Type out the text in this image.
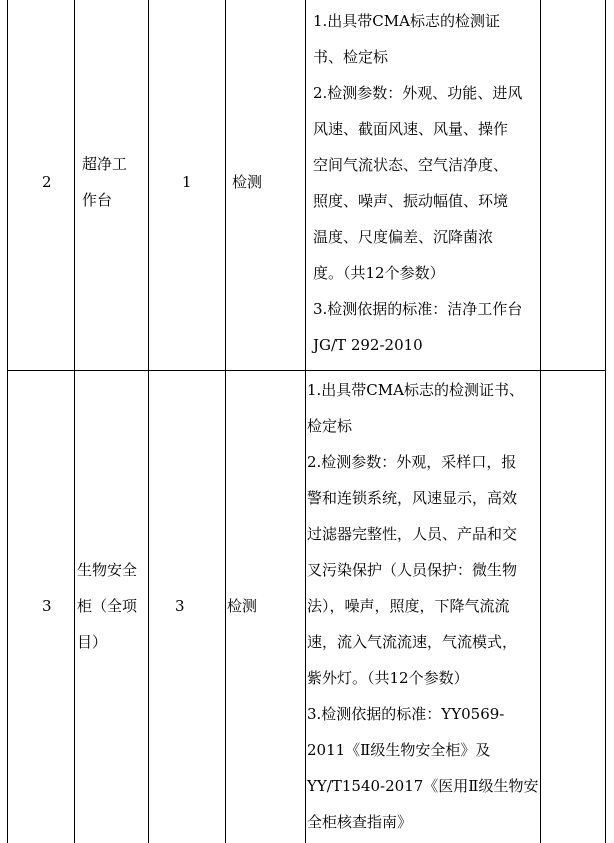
2
超净工
作台
1	检测
1.出具带CMA标志的检测证
书、检定标
2.检测参数：外观、功能、进风
风速、截面风速、风量、操作
空间气流状态、空气洁净度、
照度、噪声、振动幅值、环境
温度、尺度偏差、沉降菌浓
度。（共12个参数）
3.检测依据的标准：洁净工作台
JG/T 292-2010
3
生物安全
柜（全项
目）
3	检测
1.出具带CMA标志的检测证书、
检定标
2.检测参数：外观，采样口，报
警和连锁系统，风速显示，高效
过滤器完整性，人员、产品和交
叉污染保护（人员保护：微生物
法），噪声，照度，下降气流流
速，流入气流流速，气流模式，
紫外灯。（共12个参数）
3.检测依据的标准：YY0569-
2011《Ⅱ级生物安全柜》及
YY/T1540-2017《医用Ⅱ级生物安
全柜核查指南》
